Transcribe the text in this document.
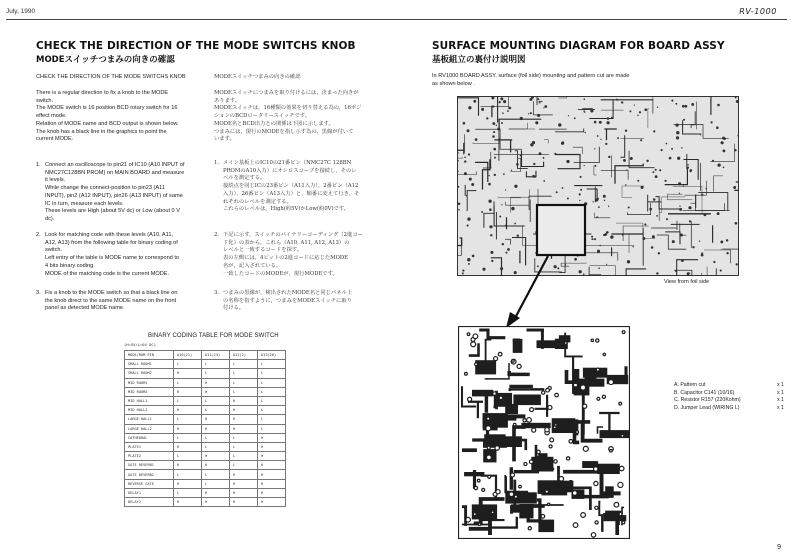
July, 1990	RV-1000
CHECK THE DIRECTION OF THE MODE SWITCHS KNOB
MODEスイッチつまみの向きの確認
CHECK THE DIRECTION OF THE MODE SWITCHS KNOB	MODEスイッチつまみの向きの確認
There is a regular direction to fix a knob to the MODE
switch.
The MODE switch is 16 position BCD rotary switch for 16
effect mode.
Relation of MODE name and BCD output is shown below.
The knob has a black line in the graphics to point the
current MODE.
MODEスイッチにつまみを取り付けるには，決まった向きが
あります。
MODEスイッチは，16種類の効果を切り替える為の，16ポジ
ションのBCDロータリースイッチです。
MODE名とBCD出力との関係は下図に示します。
つまみには，現行のMODEを指し示す為の，黒線が付いて
います。
1. Connect an oscilloscope to pin21 of IC10 (A10 INPUT of
NMC27C128BN PROM) on MAIN BOARD and measure
it levels.
While change the connect-position to pin23 (A11
INPUT), pin2 (A12 INPUT), pin26 (A13 INPUT) of same
IC in turn, measure each levels.
These levels are High (about 5V dc) or Low (about 0 V
dc).
2. Look for matching code with these levels (A10, A11,
A12, A13) from the following table for binary coding of
switch.
Left entry of the table is MODE name to correspond to
4 bits binary coding.
MODE of the matching code is the current MODE.
3. Fix a knob to the MODE switch so that a black line on
the knob direct to the same MODE name on the front
panel as detected MODE name.
1. メイン基板上のIC10の21番ピン（NMC27C 128BN
PROMのA10入力）にオシロスコープを接続し，そのレ
ベルを測定する。
接続点を同じICの23番ピン（A11入力），2番ピン（A12
入力），26番ピン（A13入力）と，順番に変えて行き，そ
れぞれのレベルを測定する。
これらのレベルは，High(約5V)かLow(約0V)です。
2. 下記に示す，スイッチのバイナリーコーディング（2進コー
ド化）の表から，これら（A10, A11, A12, A13）の
レベルと一致するコードを探す。
表の左側には，4ビットの2進コードに応じたMODE
名が，記入されている。
一致したコードのMODEが，現行MODEです。
3. つまみの黒線が，検出されたMODE名と同じパネル上
の名称を指すように，つまみをMODEスイッチに取り
付ける。
BINARY CODING TABLE FOR MODE SWITCH
(H=5V/L=0V DC)
MODE/ROM PIN	A10(21)	A11(23)	A12(2)	A13(26)
SMALL ROOM1	L	L	L	L
SMALL ROOM2	H	L	L	L
MID ROOM1	L	H	L	L
MID ROOM2	H	H	L	L
MID HALL1	L	L	H	L
MID HALL2	H	L	H	L
LARGE HALL1	L	H	H	L
LARGE HALL2	H	H	H	L
CATHEDRAL	L	L	L	H
PLATE1	H	L	L	H
PLATE2	L	H	L	H
GATE REVERB1	H	H	L	H
GATE REVERB2	L	L	H	H
REVERSE GATE	H	L	H	H
DELAY1	L	H	H	H
DELAY2	H	H	H	H
SURFACE MOUNTING DIAGRAM FOR BOARD ASSY
基板組立の裏付け説明図
In RV1000 BOARD ASSY, surface (foil side) mounting and pattern cut are made
as shown below .
View from foil side
A. Pattern cut	x 1
B. Capacitor C141 (10/16)	x 1
C. Resistor R157 (220Kohm)	x 1
D. Jumper Lead (WIRING L)	x 1
9
